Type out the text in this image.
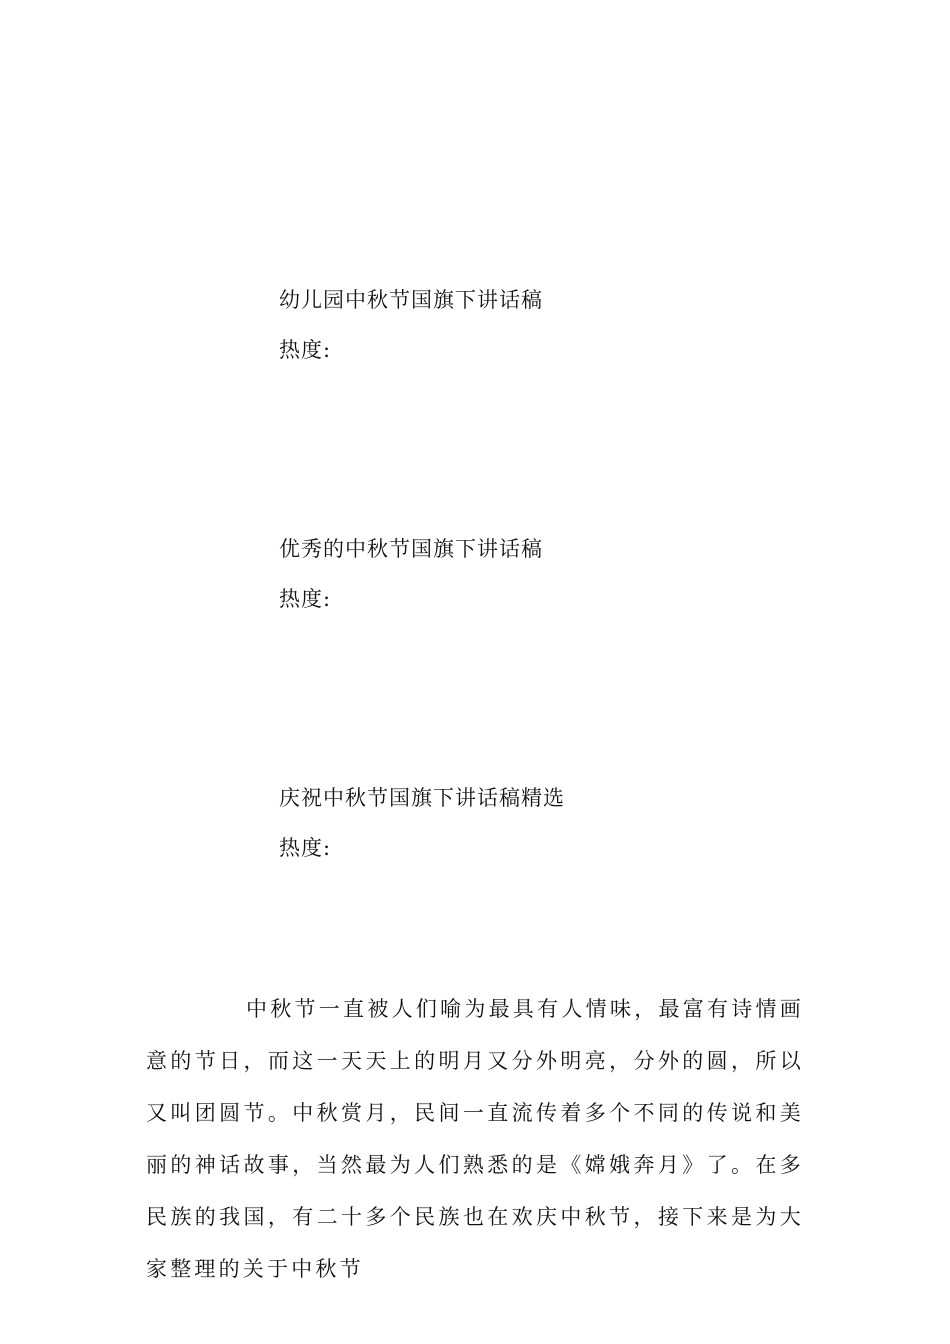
幼儿园中秋节国旗下讲话稿
热度:
优秀的中秋节国旗下讲话稿
热度:
庆祝中秋节国旗下讲话稿精选
热度:

中秋节一直被人们喻为最具有人情味，最富有诗情画意的节日，而这一天天上的明月又分外明亮，分外的圆，所以又叫团圆节。中秋赏月，民间一直流传着多个不同的传说和美丽的神话故事，当然最为人们熟悉的是《嫦娥奔月》了。在多民族的我国，有二十多个民族也在欢庆中秋节，接下来是为大家整理的关于中秋节
